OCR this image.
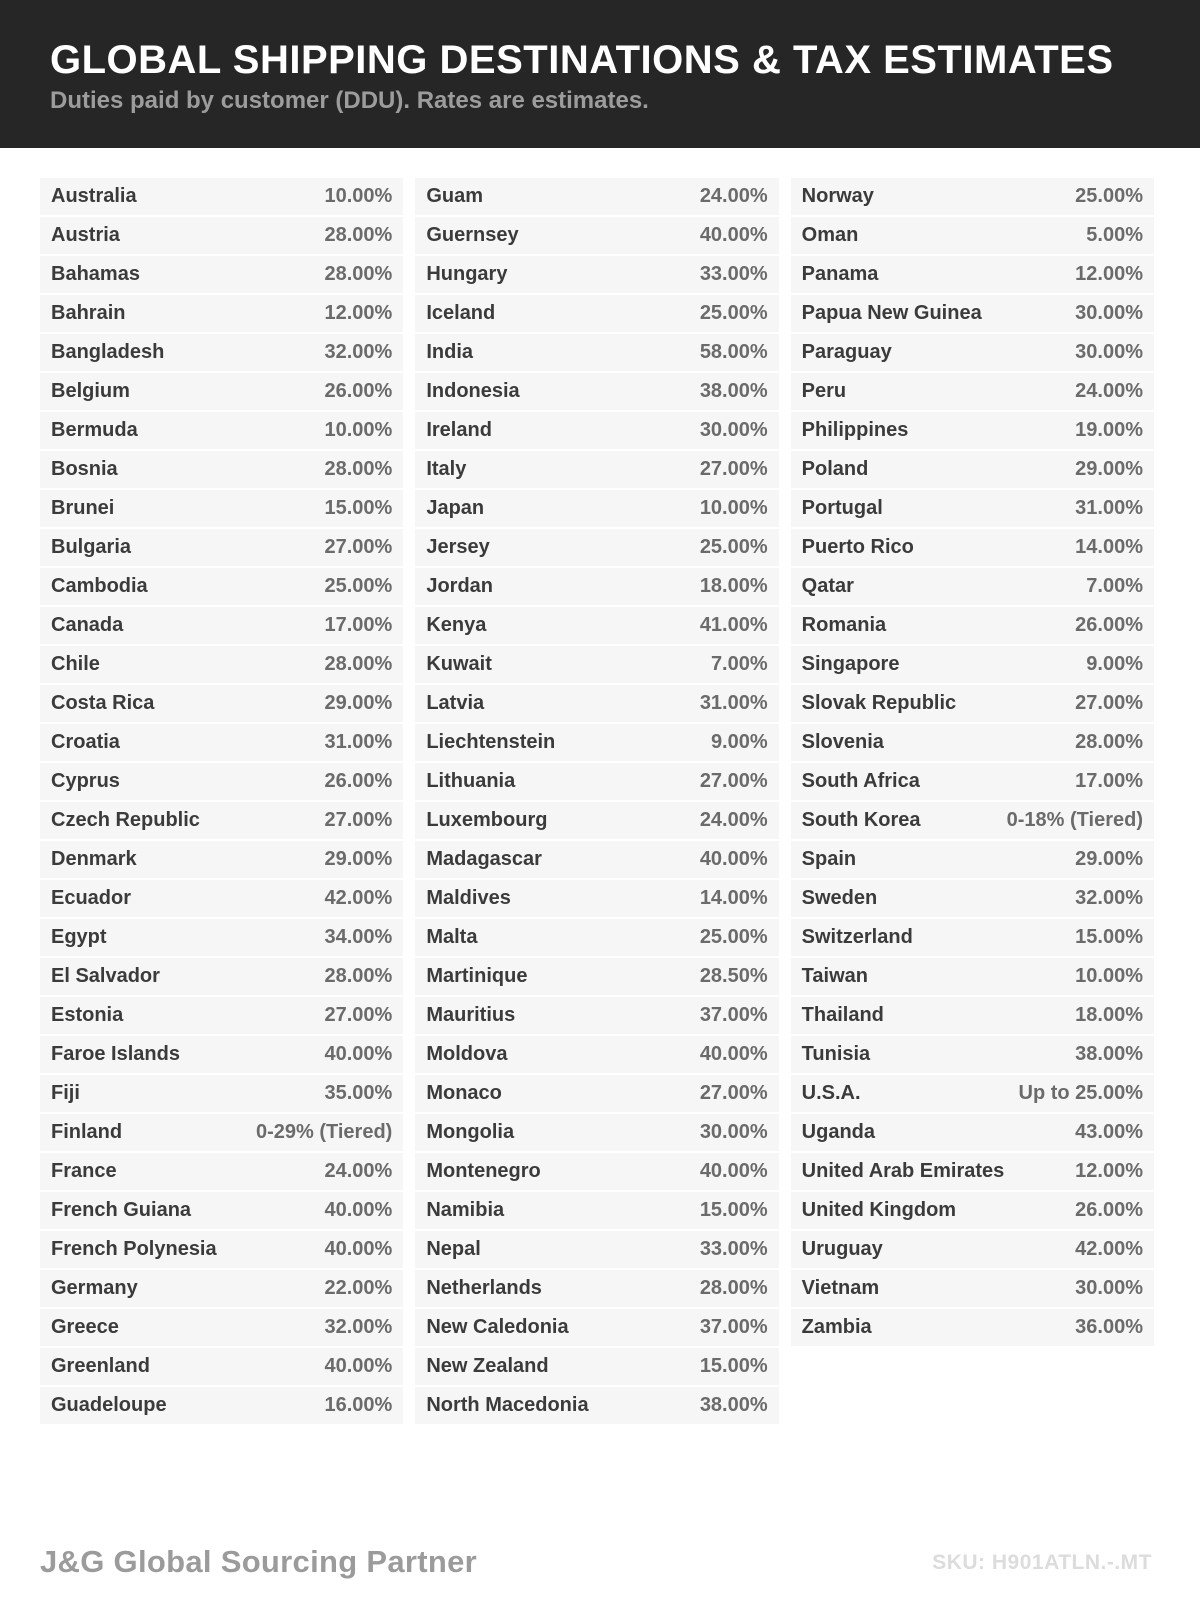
GLOBAL SHIPPING DESTINATIONS & TAX ESTIMATES
Duties paid by customer (DDU). Rates are estimates.
Australia	10.00%
Austria	28.00%
Bahamas	28.00%
Bahrain	12.00%
Bangladesh	32.00%
Belgium	26.00%
Bermuda	10.00%
Bosnia	28.00%
Brunei	15.00%
Bulgaria	27.00%
Cambodia	25.00%
Canada	17.00%
Chile	28.00%
Costa Rica	29.00%
Croatia	31.00%
Cyprus	26.00%
Czech Republic	27.00%
Denmark	29.00%
Ecuador	42.00%
Egypt	34.00%
El Salvador	28.00%
Estonia	27.00%
Faroe Islands	40.00%
Fiji	35.00%
Finland	0-29% (Tiered)
France	24.00%
French Guiana	40.00%
French Polynesia	40.00%
Germany	22.00%
Greece	32.00%
Greenland	40.00%
Guadeloupe	16.00%
Guam	24.00%
Guernsey	40.00%
Hungary	33.00%
Iceland	25.00%
India	58.00%
Indonesia	38.00%
Ireland	30.00%
Italy	27.00%
Japan	10.00%
Jersey	25.00%
Jordan	18.00%
Kenya	41.00%
Kuwait	7.00%
Latvia	31.00%
Liechtenstein	9.00%
Lithuania	27.00%
Luxembourg	24.00%
Madagascar	40.00%
Maldives	14.00%
Malta	25.00%
Martinique	28.50%
Mauritius	37.00%
Moldova	40.00%
Monaco	27.00%
Mongolia	30.00%
Montenegro	40.00%
Namibia	15.00%
Nepal	33.00%
Netherlands	28.00%
New Caledonia	37.00%
New Zealand	15.00%
North Macedonia	38.00%
Norway	25.00%
Oman	5.00%
Panama	12.00%
Papua New Guinea	30.00%
Paraguay	30.00%
Peru	24.00%
Philippines	19.00%
Poland	29.00%
Portugal	31.00%
Puerto Rico	14.00%
Qatar	7.00%
Romania	26.00%
Singapore	9.00%
Slovak Republic	27.00%
Slovenia	28.00%
South Africa	17.00%
South Korea	0-18% (Tiered)
Spain	29.00%
Sweden	32.00%
Switzerland	15.00%
Taiwan	10.00%
Thailand	18.00%
Tunisia	38.00%
U.S.A.	Up to 25.00%
Uganda	43.00%
United Arab Emirates	12.00%
United Kingdom	26.00%
Uruguay	42.00%
Vietnam	30.00%
Zambia	36.00%
J&G Global Sourcing Partner	SKU: H901ATLN.-.MT
